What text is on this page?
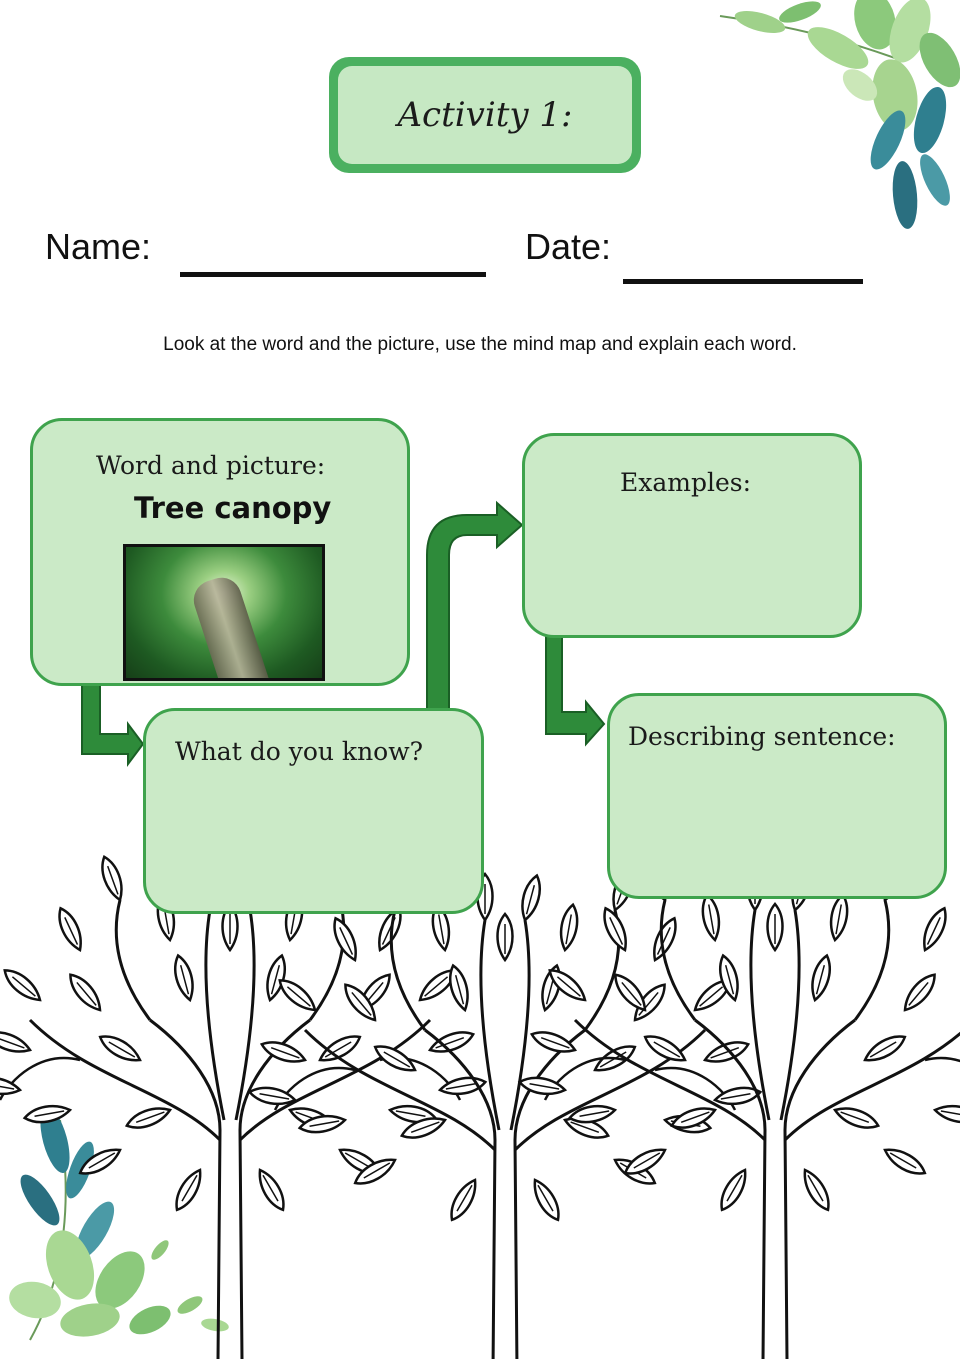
Activity 1:
Name:	Date:
Look at the word and the picture, use the mind map and explain each word.
Word and picture:
Tree canopy
Examples:
What do you know?
Describing sentence:
